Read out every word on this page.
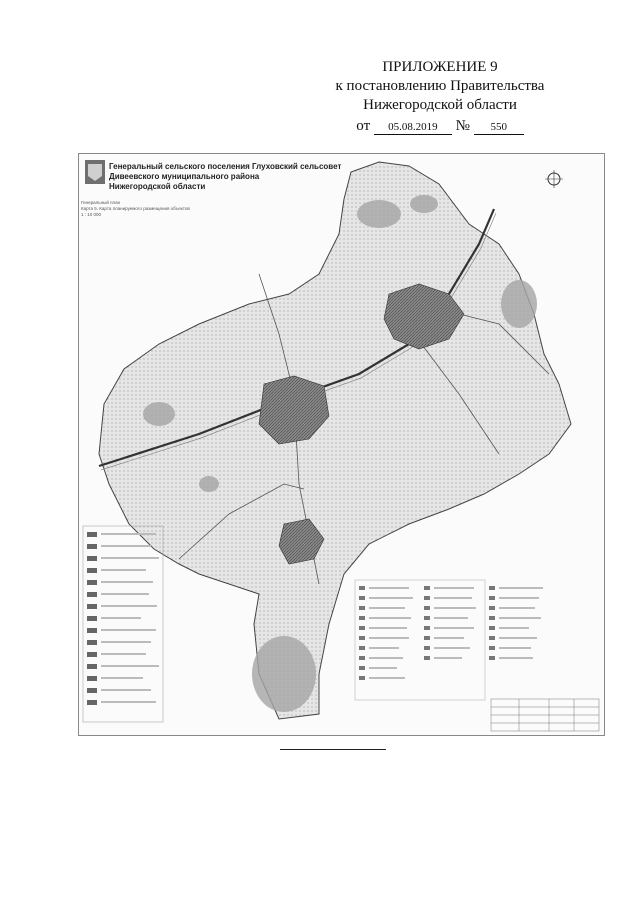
ПРИЛОЖЕНИЕ 9
к постановлению Правительства
Нижегородской области
от 05.08.2019 № 550
Генеральный сельского поселения Глуховский сельсовет
Дивеевского муниципального района
Нижегородской области
Генеральный план
Карта 5. Карта планируемого размещения объектов
1 : 10 000
